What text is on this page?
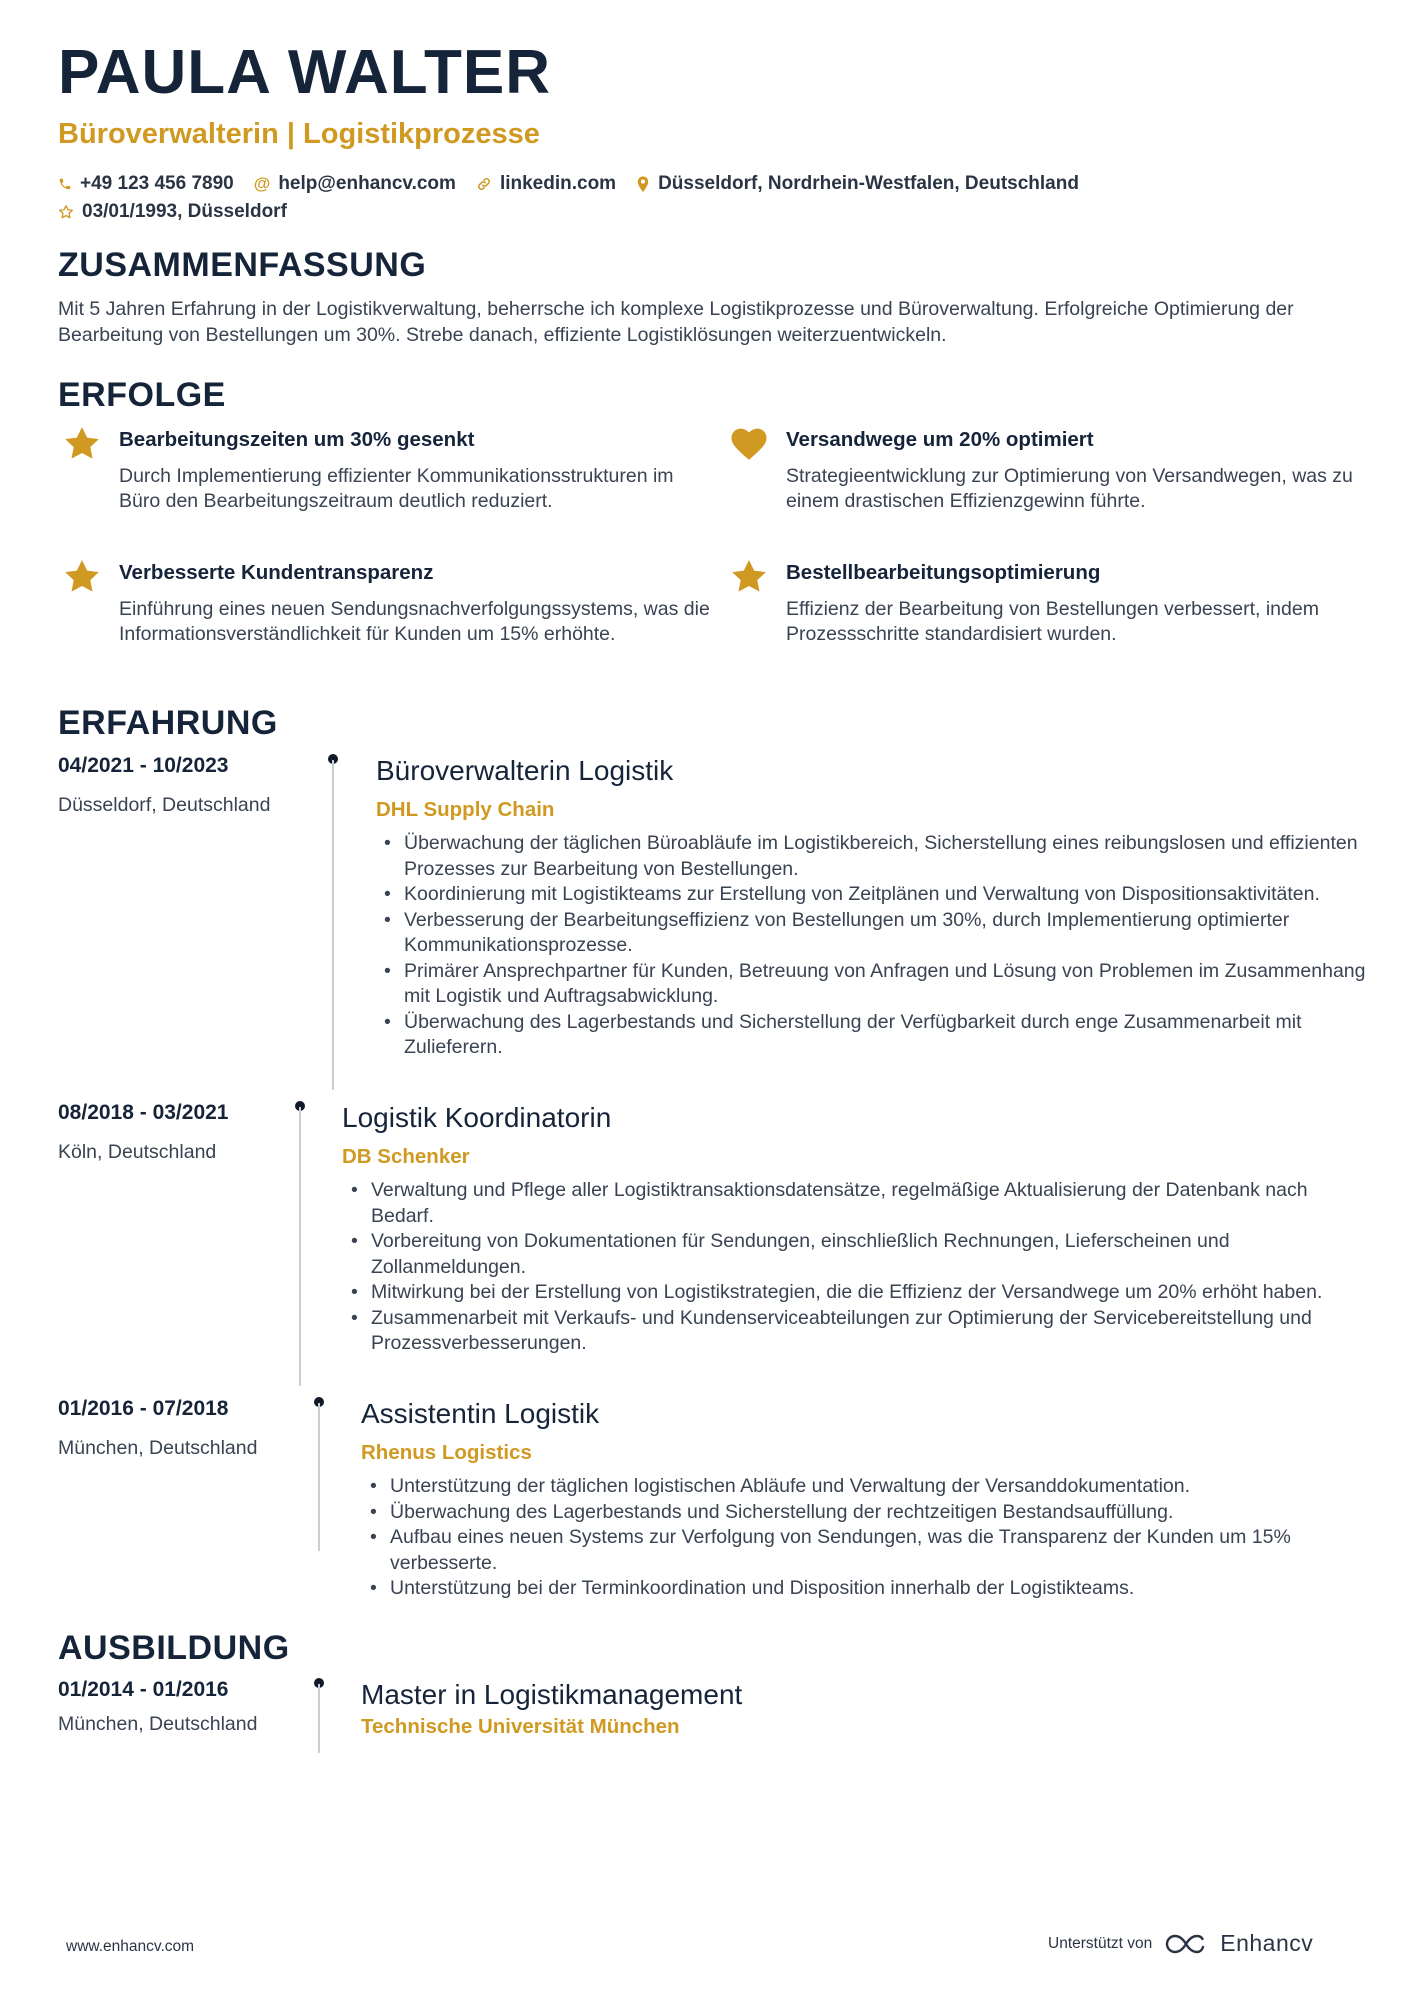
PAULA WALTER
Büroverwalterin | Logistikprozesse
+49 123 456 7890 @ help@enhancv.com linkedin.com Düsseldorf, Nordrhein-Westfalen, Deutschland
03/01/1993, Düsseldorf
ZUSAMMENFASSUNG

Mit 5 Jahren Erfahrung in der Logistikverwaltung, beherrsche ich komplexe Logistikprozesse und Büroverwaltung. Erfolgreiche Optimierung der Bearbeitung von Bestellungen um 30%. Strebe danach, effiziente Logistiklösungen weiterzuentwickeln.

ERFOLGE
Bearbeitungszeiten um 30% gesenkt

Durch Implementierung effizienter Kommunikationsstrukturen im Büro den Bearbeitungszeitraum deutlich reduziert.

Versandwege um 20% optimiert

Strategieentwicklung zur Optimierung von Versandwegen, was zu einem drastischen Effizienzgewinn führte.

Verbesserte Kundentransparenz

Einführung eines neuen Sendungsnachverfolgungssystems, was die Informationsverständlichkeit für Kunden um 15% erhöhte.

Bestellbearbeitungsoptimierung

Effizienz der Bearbeitung von Bestellungen verbessert, indem Prozessschritte standardisiert wurden.

ERFAHRUNG
04/2021 - 10/2023
Düsseldorf, Deutschland
Büroverwalterin Logistik
DHL Supply Chain
• Überwachung der täglichen Büroabläufe im Logistikbereich, Sicherstellung eines reibungslosen und effizienten Prozesses zur Bearbeitung von Bestellungen.
• Koordinierung mit Logistikteams zur Erstellung von Zeitplänen und Verwaltung von Dispositionsaktivitäten.
• Verbesserung der Bearbeitungseffizienz von Bestellungen um 30%, durch Implementierung optimierter Kommunikationsprozesse.
• Primärer Ansprechpartner für Kunden, Betreuung von Anfragen und Lösung von Problemen im Zusammenhang mit Logistik und Auftragsabwicklung.
• Überwachung des Lagerbestands und Sicherstellung der Verfügbarkeit durch enge Zusammenarbeit mit Zulieferern.
08/2018 - 03/2021
Köln, Deutschland
Logistik Koordinatorin
DB Schenker
• Verwaltung und Pflege aller Logistiktransaktionsdatensätze, regelmäßige Aktualisierung der Datenbank nach Bedarf.
• Vorbereitung von Dokumentationen für Sendungen, einschließlich Rechnungen, Lieferscheinen und Zollanmeldungen.
• Mitwirkung bei der Erstellung von Logistikstrategien, die die Effizienz der Versandwege um 20% erhöht haben.
• Zusammenarbeit mit Verkaufs- und Kundenserviceabteilungen zur Optimierung der Servicebereitstellung und Prozessverbesserungen.
01/2016 - 07/2018
München, Deutschland
Assistentin Logistik
Rhenus Logistics
• Unterstützung der täglichen logistischen Abläufe und Verwaltung der Versanddokumentation.
• Überwachung des Lagerbestands und Sicherstellung der rechtzeitigen Bestandsauffüllung.
• Aufbau eines neuen Systems zur Verfolgung von Sendungen, was die Transparenz der Kunden um 15% verbesserte.
• Unterstützung bei der Terminkoordination und Disposition innerhalb der Logistikteams.
AUSBILDUNG
01/2014 - 01/2016
München, Deutschland
Master in Logistikmanagement
Technische Universität München
www.enhancv.com	Unterstützt von	Enhancv
